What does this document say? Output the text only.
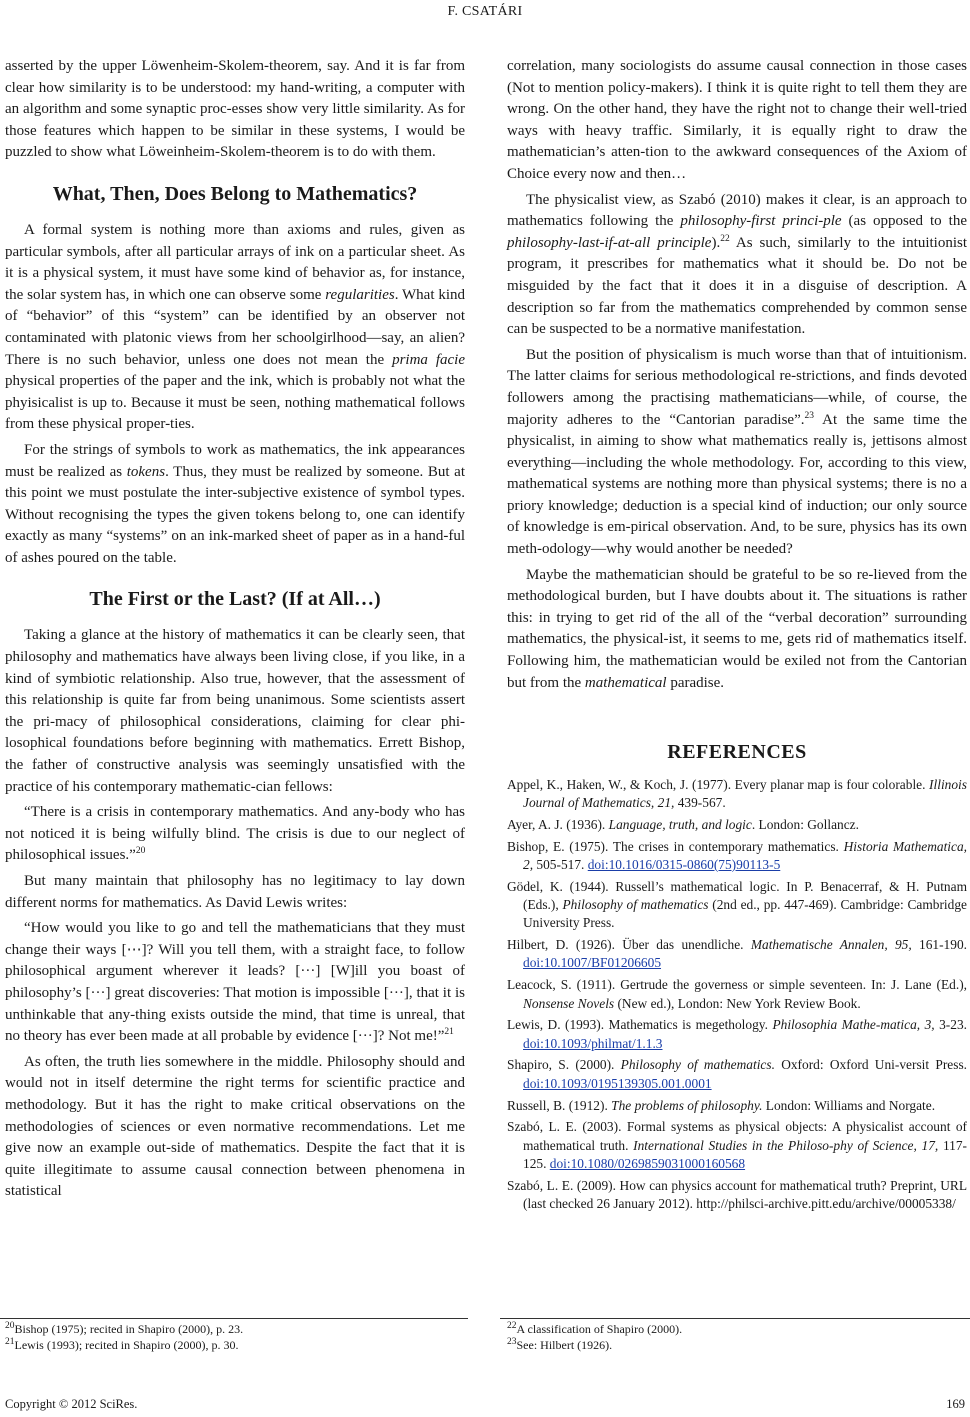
F. CSATÁRI

asserted by the upper Löwenheim-Skolem-theorem, say. And it is far from clear how similarity is to be understood: my hand-writing, a computer with an algorithm and some synaptic proc-esses show very little similarity. As for those features which happen to be similar in these systems, I would be puzzled to show what Löweinheim-Skolem-theorem is to do with them.

What, Then, Does Belong to Mathematics?

A formal system is nothing more than axioms and rules, given as particular symbols, after all particular arrays of ink on a particular sheet. As it is a physical system, it must have some kind of behavior as, for instance, the solar system has, in which one can observe some regularities. What kind of “behavior” of this “system” can be identified by an observer not contaminated with platonic views from her schoolgirlhood—say, an alien? There is no such behavior, unless one does not mean the prima facie physical properties of the paper and the ink, which is probably not what the phyisicalist is up to. Because it must be seen, nothing mathematical follows from these physical proper-ties.

For the strings of symbols to work as mathematics, the ink appearances must be realized as tokens. Thus, they must be realized by someone. But at this point we must postulate the inter-subjective existence of symbol types. Without recognising the types the given tokens belong to, one can identify exactly as many “systems” on an ink-marked sheet of paper as in a hand-ful of ashes poured on the table.

The First or the Last? (If at All…)

Taking a glance at the history of mathematics it can be clearly seen, that philosophy and mathematics have always been living close, if you like, in a kind of symbiotic relationship. Also true, however, that the assessment of this relationship is quite far from being unanimous. Some scientists assert the pri-macy of philosophical considerations, claiming for clear phi-losophical foundations before beginning with mathematics. Errett Bishop, the father of constructive analysis was seemingly unsatisfied with the practice of his contemporary mathematic-cian fellows:

“There is a crisis in contemporary mathematics. And any-body who has not noticed it is being wilfully blind. The crisis is due to our neglect of philosophical issues.”$^{20}$

But many maintain that philosophy has no legitimacy to lay down different norms for mathematics. As David Lewis writes:

“How would you like to go and tell the mathematicians that they must change their ways [⋯]? Will you tell them, with a straight face, to follow philosophical argument wherever it leads? [···] [W]ill you boast of philosophy’s [···] great discoveries: That motion is impossible [···], that it is unthinkable that any-thing exists outside the mind, that time is unreal, that no theory has ever been made at all probable by evidence [···]? Not me!”$^{21}$

As often, the truth lies somewhere in the middle. Philosophy should and would not in itself determine the right terms for scientific practice and methodology. But it has the right to make critical observations on the methodologies of sciences or even normative recommendations. Let me give now an example out-side of mathematics. Despite the fact that it is quite illegitimate to assume causal connection between phenomena in statistical

correlation, many sociologists do assume causal connection in those cases (Not to mention policy-makers). I think it is quite right to tell them they are wrong. On the other hand, they have the right not to change their well-tried ways with heavy traffic. Similarly, it is equally right to draw the mathematician’s atten-tion to the awkward consequences of the Axiom of Choice every now and then…

The physicalist view, as Szabó (2010) makes it clear, is an approach to mathematics following the philosophy-first princi-ple (as opposed to the philosophy-last-if-at-all principle).$^{22}$ As such, similarly to the intuitionist program, it prescribes for mathematics what it should be. Do not be misguided by the fact that it does it in a disguise of description. A description so far from the mathematics comprehended by common sense can be suspected to be a normative manifestation.

But the position of physicalism is much worse than that of intuitionism. The latter claims for serious methodological re-strictions, and finds devoted followers among the practising mathematicians—while, of course, the majority adheres to the “Cantorian paradise”.$^{23}$ At the same time the physicalist, in aiming to show what mathematics really is, jettisons almost everything—including the whole methodology. For, according to this view, mathematical systems are nothing more than physical systems; there is no a priory knowledge; deduction is a special kind of induction; our only source of knowledge is em-pirical observation. And, to be sure, physics has its own meth-odology—why would another be needed?

Maybe the mathematician should be grateful to be so re-lieved from the methodological burden, but I have doubts about it. The situations is rather this: in trying to get rid of the all of the “verbal decoration” surrounding mathematics, the physical-ist, it seems to me, gets rid of mathematics itself. Following him, the mathematician would be exiled not from the Cantorian but from the mathematical paradise.

REFERENCES
Appel, K., Haken, W., & Koch, J. (1977). Every planar map is four colorable. Illinois Journal of Mathematics, 21, 439-567.
Ayer, A. J. (1936). Language, truth, and logic. London: Gollancz.
Bishop, E. (1975). The crises in contemporary mathematics. Historia Mathematica, 2, 505-517. doi:10.1016/0315-0860(75)90113-5
Gödel, K. (1944). Russell’s mathematical logic. In P. Benacerraf, & H. Putnam (Eds.), Philosophy of mathematics (2nd ed., pp. 447-469). Cambridge: Cambridge University Press.
Hilbert, D. (1926). Über das unendliche. Mathematische Annalen, 95, 161-190. doi:10.1007/BF01206605
Leacock, S. (1911). Gertrude the governess or simple seventeen. In: J. Lane (Ed.), Nonsense Novels (New ed.), London: New York Review Book.
Lewis, D. (1993). Mathematics is megethology. Philosophia Mathe-matica, 3, 3-23. doi:10.1093/philmat/1.1.3
Shapiro, S. (2000). Philosophy of mathematics. Oxford: Oxford Uni-versit Press. doi:10.1093/0195139305.001.0001
Russell, B. (1912). The problems of philosophy. London: Williams and Norgate.
Szabó, L. E. (2003). Formal systems as physical objects: A physicalist account of mathematical truth. International Studies in the Philoso-phy of Science, 17, 117-125. doi:10.1080/0269859031000160568
Szabó, L. E. (2009). How can physics account for mathematical truth? Preprint, URL (last checked 26 January 2012). http://philsci-archive.pitt.edu/archive/00005338/
$^{20}$Bishop (1975); recited in Shapiro (2000), p. 23.
$^{21}$Lewis (1993); recited in Shapiro (2000), p. 30.
$^{22}$A classification of Shapiro (2000).
$^{23}$See: Hilbert (1926).
Copyright © 2012 SciRes.	169
